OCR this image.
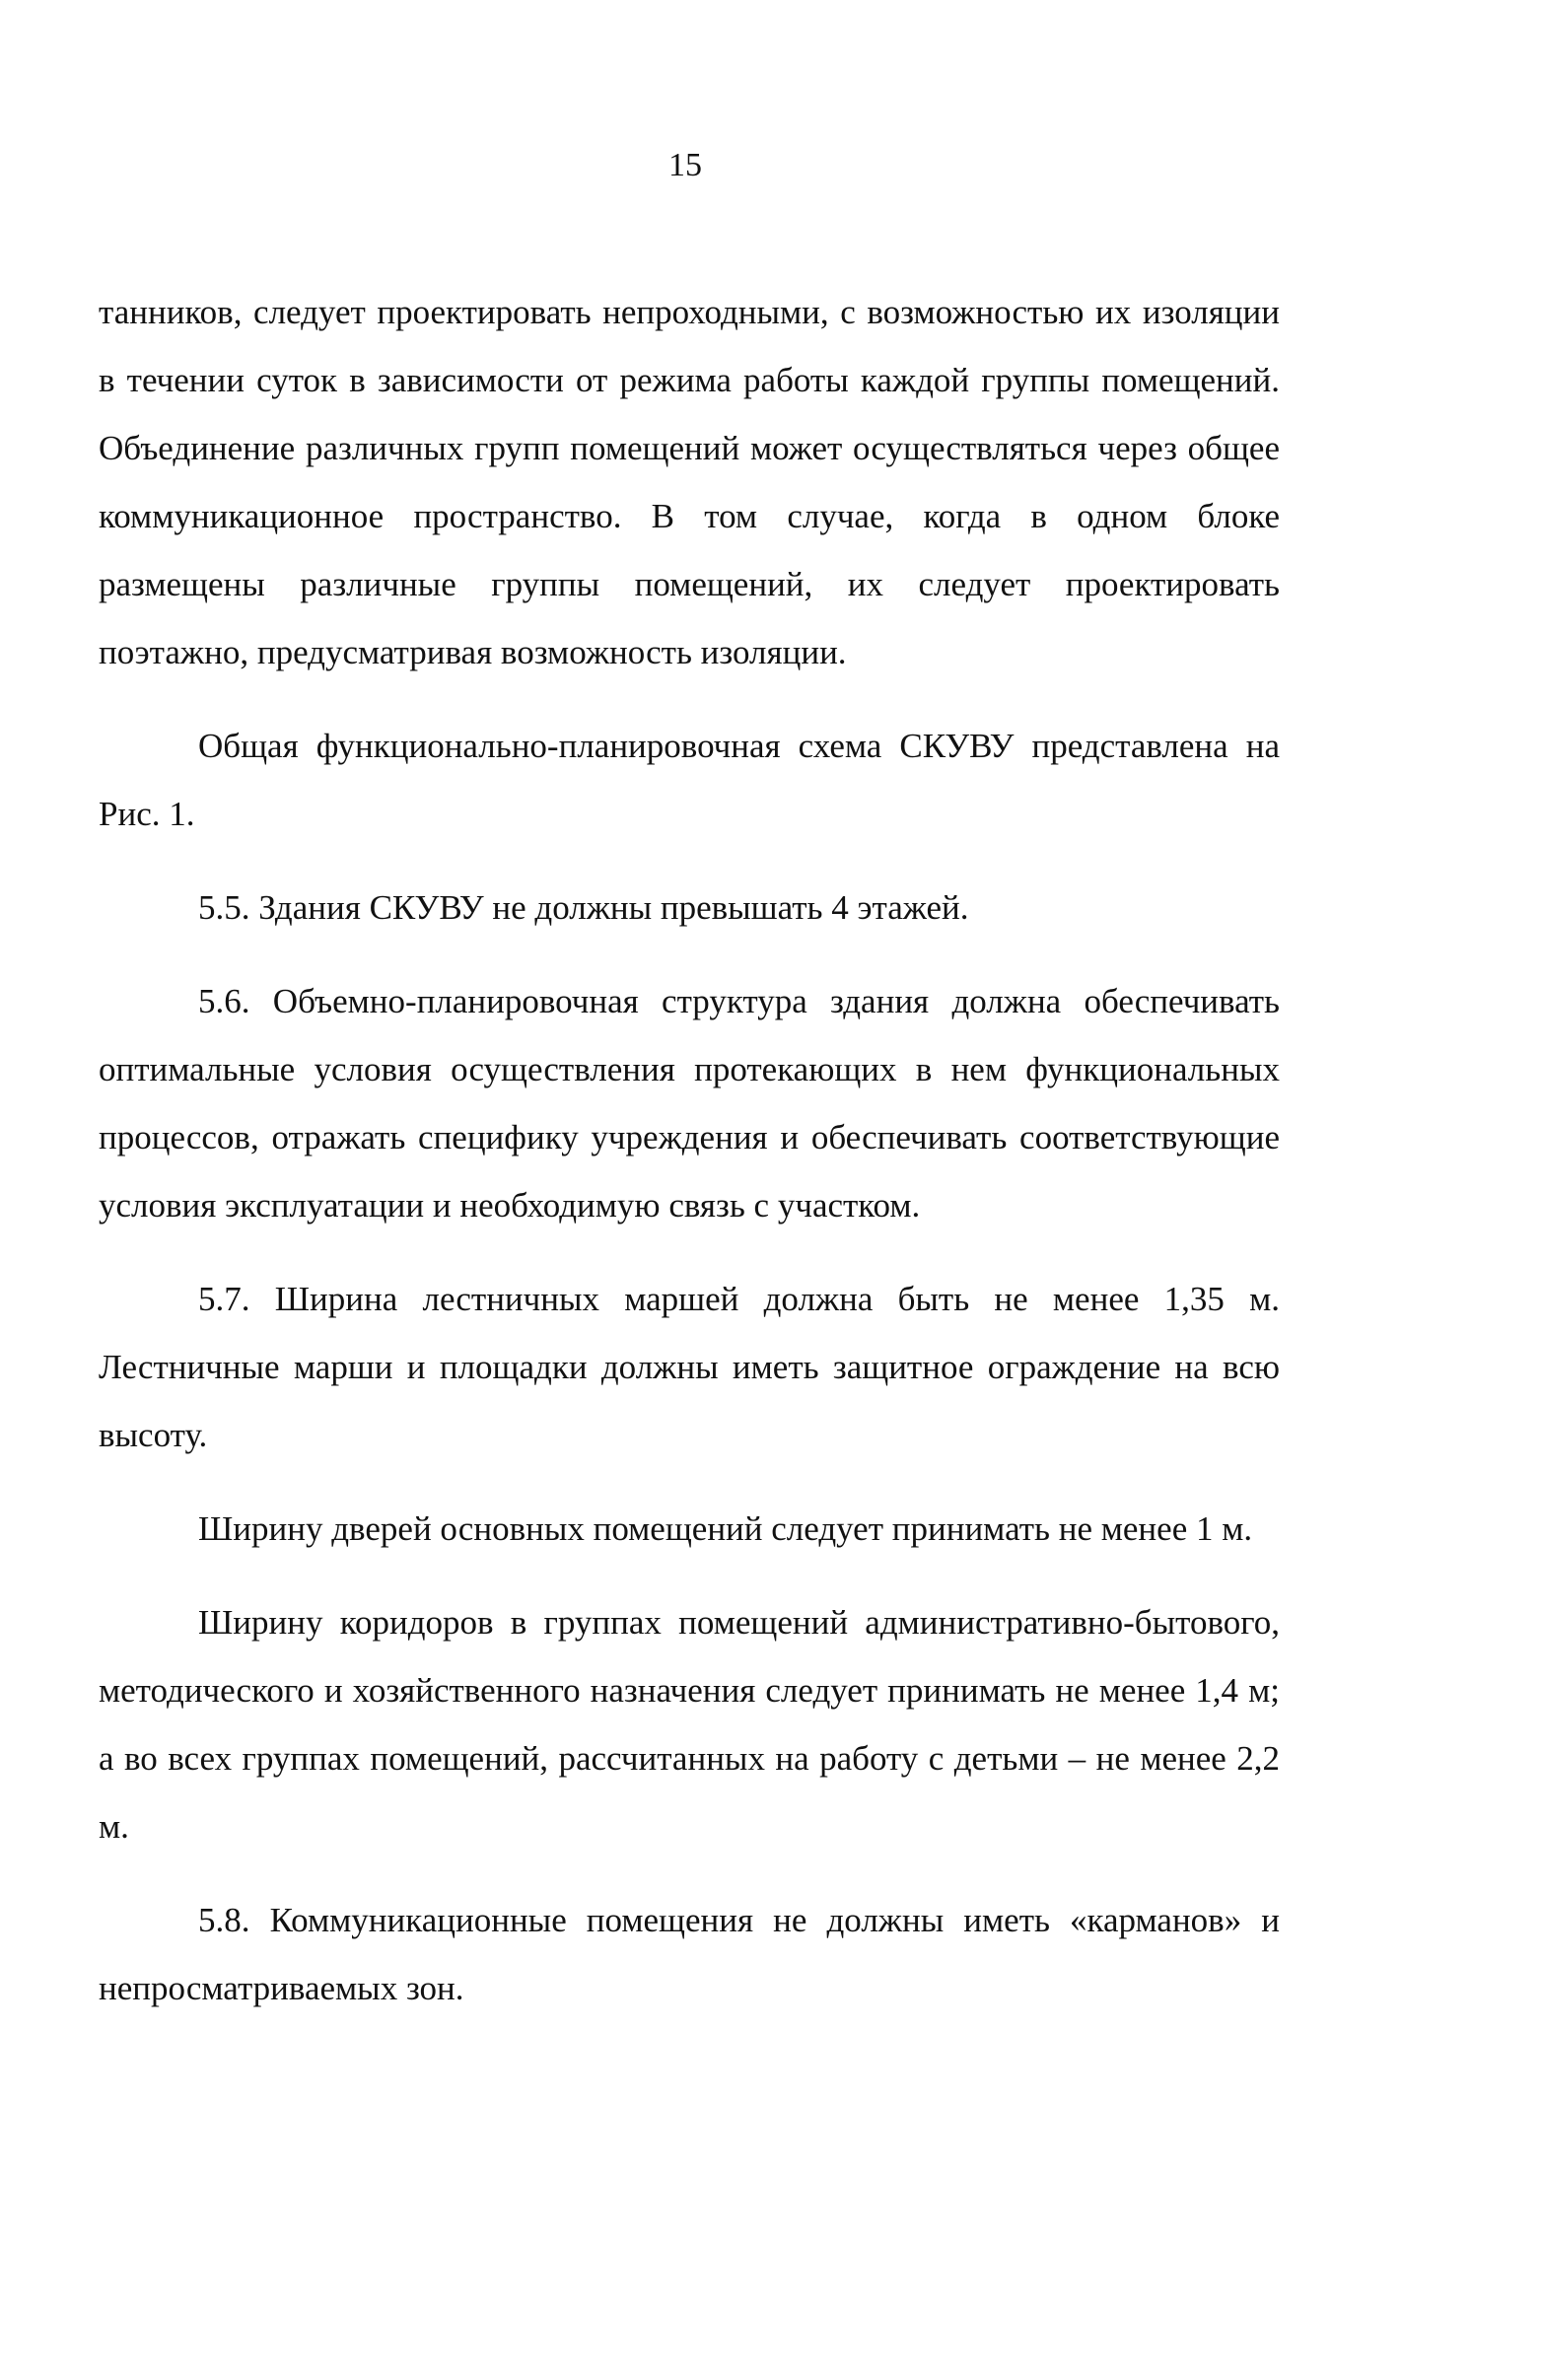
15

танников, следует проектировать непроходными, с возможностью их изоляции в течении суток в зависимости от режима работы каждой группы помещений. Объединение различных групп помещений может осуществляться через общее коммуникационное пространство. В том случае, когда в одном блоке размещены различные группы помещений, их следует проектировать поэтажно, предусматривая возможность изоляции.

Общая функционально-планировочная схема СКУВУ представлена на Рис. 1.

5.5. Здания СКУВУ не должны превышать 4 этажей.

5.6. Объемно-планировочная структура здания должна обеспечивать оптимальные условия осуществления протекающих в нем функциональных процессов, отражать специфику учреждения и обеспечивать соответствующие условия эксплуатации и необходимую связь с участком.

5.7. Ширина лестничных маршей должна быть не менее 1,35 м. Лестничные марши и площадки должны иметь защитное ограждение на всю высоту.

Ширину дверей основных помещений следует принимать не менее 1 м.

Ширину коридоров в группах помещений административно-бытового, методического и хозяйственного назначения следует принимать не менее 1,4 м; а во всех группах помещений, рассчитанных на работу с детьми – не менее 2,2 м.

5.8. Коммуникационные помещения не должны иметь «карманов» и непросматриваемых зон.
